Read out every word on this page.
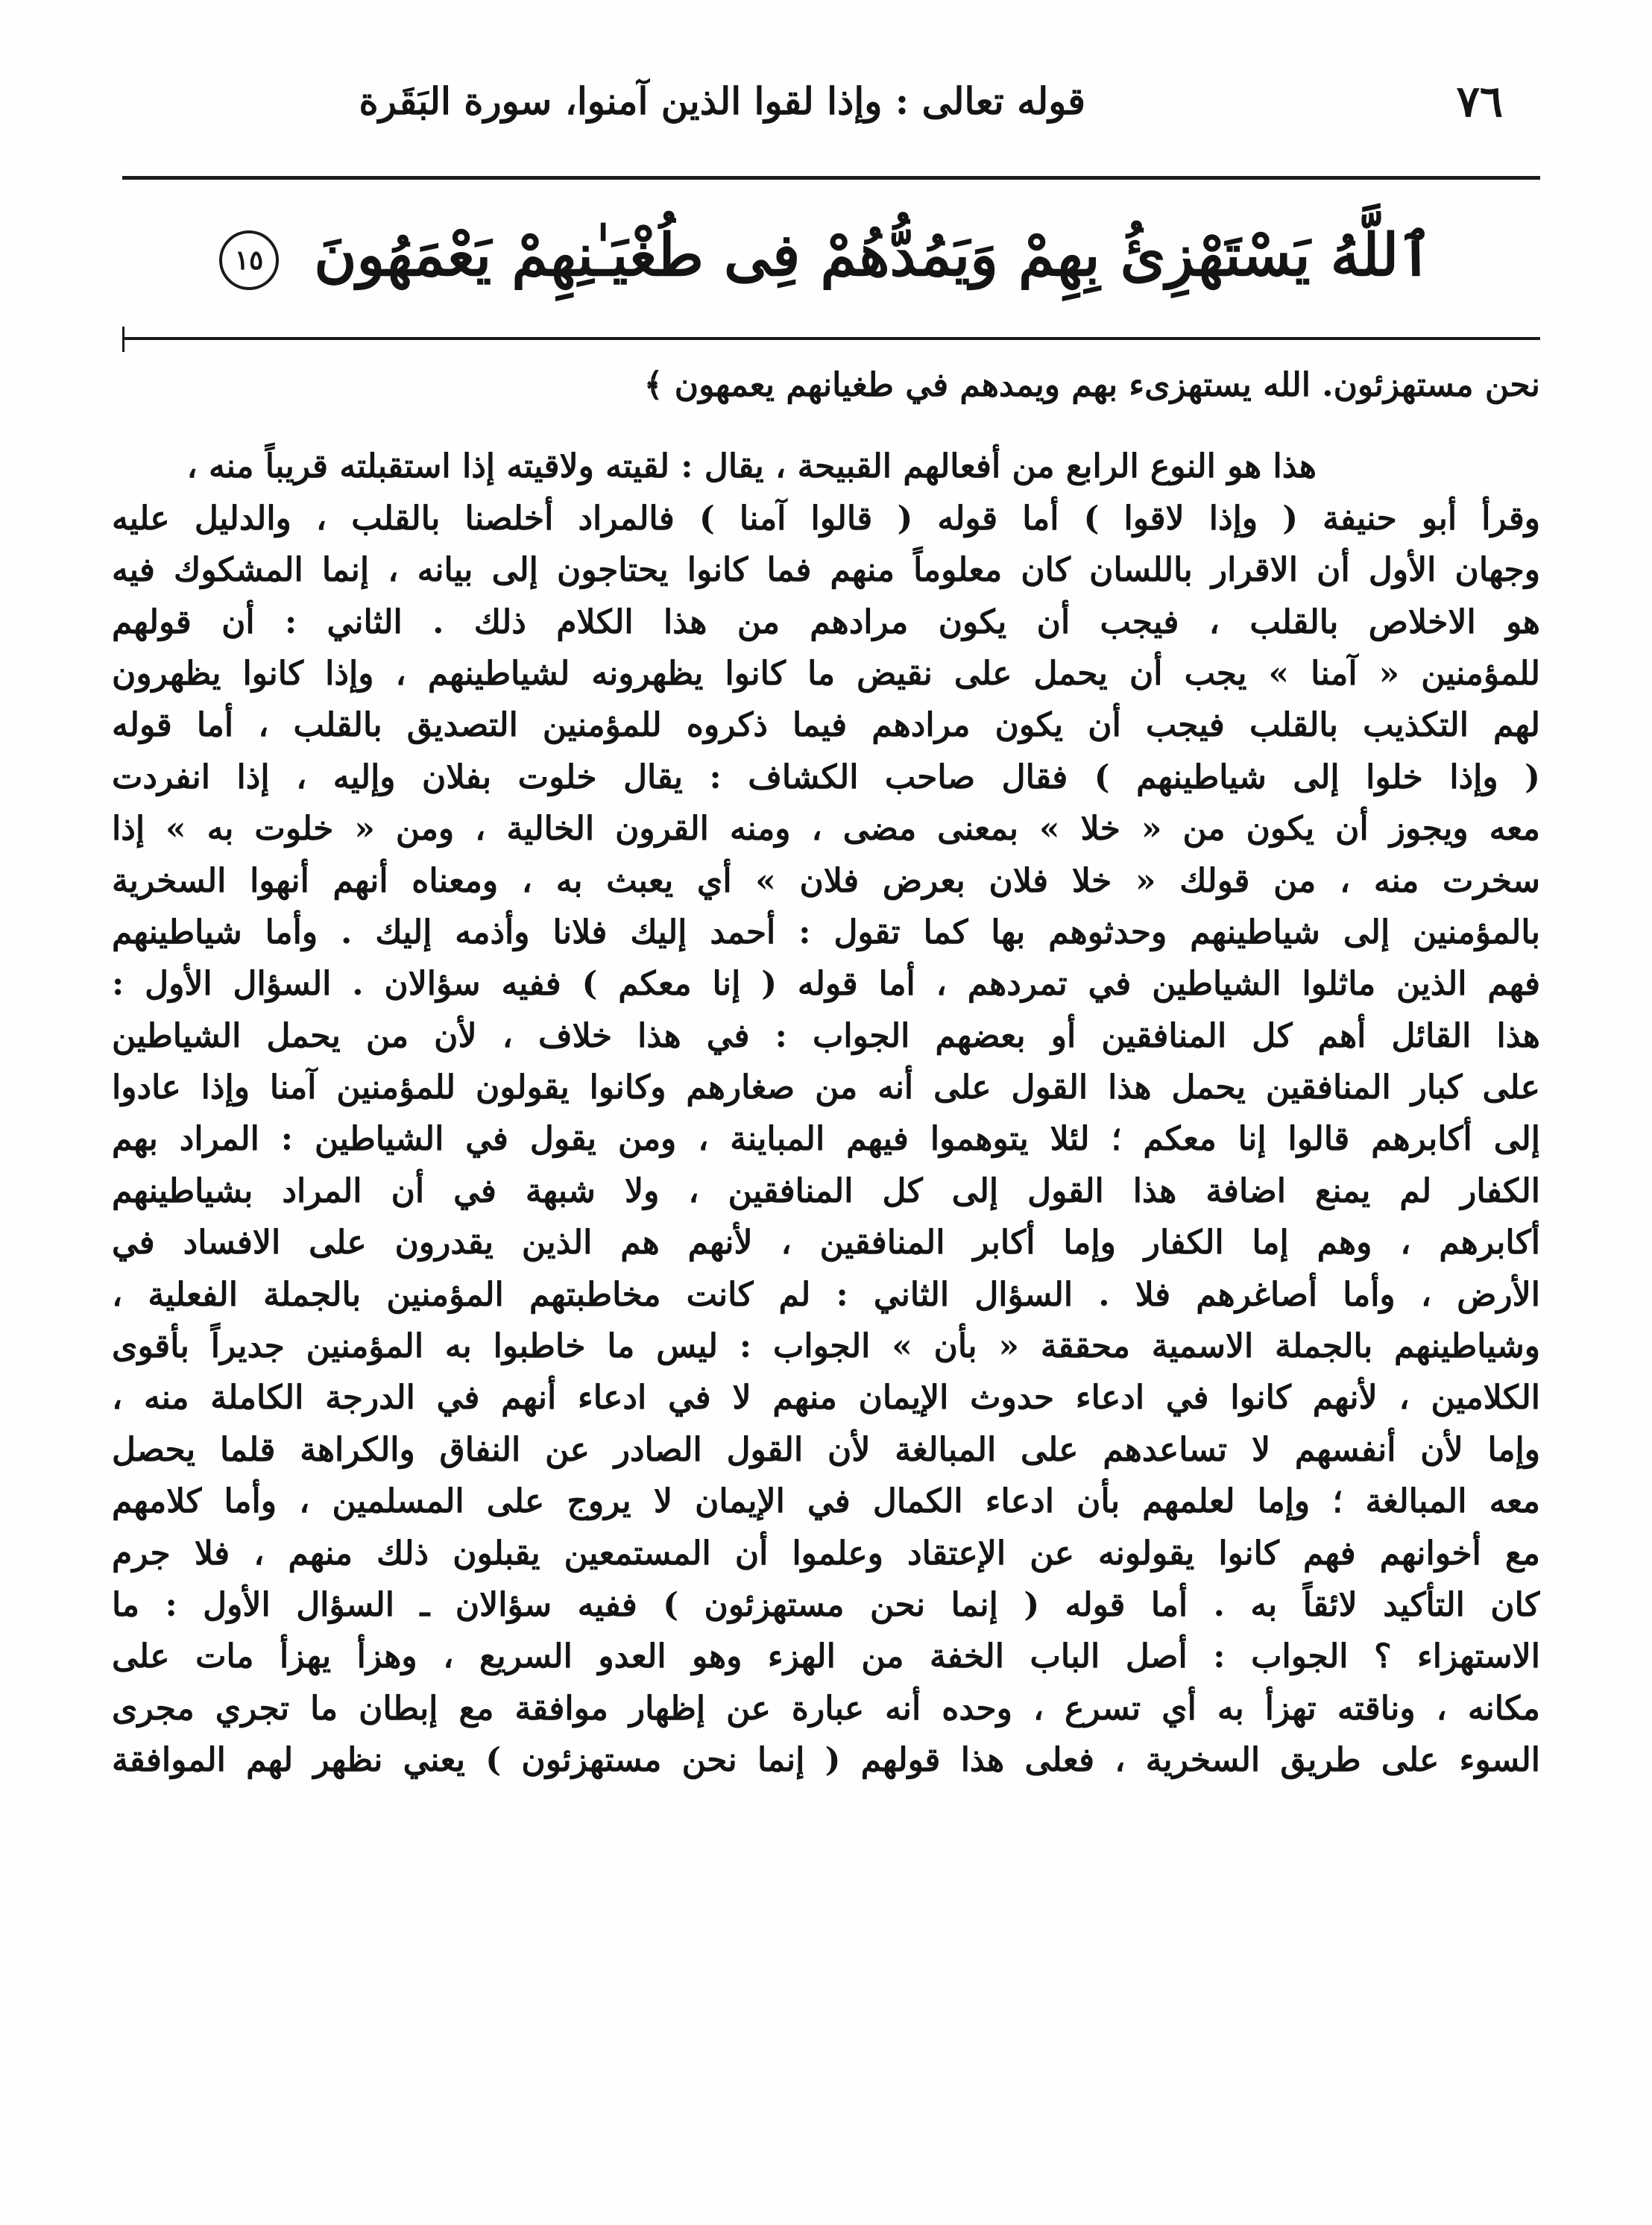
٧٦
قوله تعالى : وإذا لقوا الذين آمنوا، سورة البَقَرة
ٱللَّهُ يَسْتَهْزِئُ بِهِمْ وَيَمُدُّهُمْ فِى طُغْيَـٰنِهِمْ يَعْمَهُونَ ١٥
نحن مستهزئون. الله يستهزىء بهم ويمدهم في طغيانهم يعمهون ﴾
هذا هو النوع الرابع من أفعالهم القبيحة ، يقال : لقيته ولاقيته إذا استقبلته قريباً منه ،
وقرأ أبو حنيفة ( وإذا لاقوا ) أما قوله ( قالوا آمنا ) فالمراد أخلصنا بالقلب ، والدليل عليه
وجهان الأول أن الاقرار باللسان كان معلوماً منهم فما كانوا يحتاجون إلى بيانه ، إنما المشكوك فيه
هو الاخلاص بالقلب ، فيجب أن يكون مرادهم من هذا الكلام ذلك . الثاني : أن قولهم
للمؤمنين « آمنا » يجب أن يحمل على نقيض ما كانوا يظهرونه لشياطينهم ، وإذا كانوا يظهرون
لهم التكذيب بالقلب فيجب أن يكون مرادهم فيما ذكروه للمؤمنين التصديق بالقلب ، أما قوله
( وإذا خلوا إلى شياطينهم ) فقال صاحب الكشاف : يقال خلوت بفلان وإليه ، إذا انفردت
معه ويجوز أن يكون من « خلا » بمعنى مضى ، ومنه القرون الخالية ، ومن « خلوت به » إذا
سخرت منه ، من قولك « خلا فلان بعرض فلان » أي يعبث به ، ومعناه أنهم أنهوا السخرية
بالمؤمنين إلى شياطينهم وحدثوهم بها كما تقول : أحمد إليك فلانا وأذمه إليك . وأما شياطينهم
فهم الذين ماثلوا الشياطين في تمردهم ، أما قوله ( إنا معكم ) ففيه سؤالان . السؤال الأول :
هذا القائل أهم كل المنافقين أو بعضهم الجواب : في هذا خلاف ، لأن من يحمل الشياطين
على كبار المنافقين يحمل هذا القول على أنه من صغارهم وكانوا يقولون للمؤمنين آمنا وإذا عادوا
إلى أكابرهم قالوا إنا معكم ؛ لئلا يتوهموا فيهم المباينة ، ومن يقول في الشياطين : المراد بهم
الكفار لم يمنع اضافة هذا القول إلى كل المنافقين ، ولا شبهة في أن المراد بشياطينهم
أكابرهم ، وهم إما الكفار وإما أكابر المنافقين ، لأنهم هم الذين يقدرون على الافساد في
الأرض ، وأما أصاغرهم فلا . السؤال الثاني : لم كانت مخاطبتهم المؤمنين بالجملة الفعلية ،
وشياطينهم بالجملة الاسمية محققة « بأن » الجواب : ليس ما خاطبوا به المؤمنين جديراً بأقوى
الكلامين ، لأنهم كانوا في ادعاء حدوث الإيمان منهم لا في ادعاء أنهم في الدرجة الكاملة منه ،
وإما لأن أنفسهم لا تساعدهم على المبالغة لأن القول الصادر عن النفاق والكراهة قلما يحصل
معه المبالغة ؛ وإما لعلمهم بأن ادعاء الكمال في الإيمان لا يروج على المسلمين ، وأما كلامهم
مع أخوانهم فهم كانوا يقولونه عن الإعتقاد وعلموا أن المستمعين يقبلون ذلك منهم ، فلا جرم
كان التأكيد لائقاً به . أما قوله ( إنما نحن مستهزئون ) ففيه سؤالان ـ السؤال الأول : ما
الاستهزاء ؟ الجواب : أصل الباب الخفة من الهزء وهو العدو السريع ، وهزأ يهزأ مات على
مكانه ، وناقته تهزأ به أي تسرع ، وحده أنه عبارة عن إظهار موافقة مع إبطان ما تجري مجرى
السوء على طريق السخرية ، فعلى هذا قولهم ( إنما نحن مستهزئون ) يعني نظهر لهم الموافقة
